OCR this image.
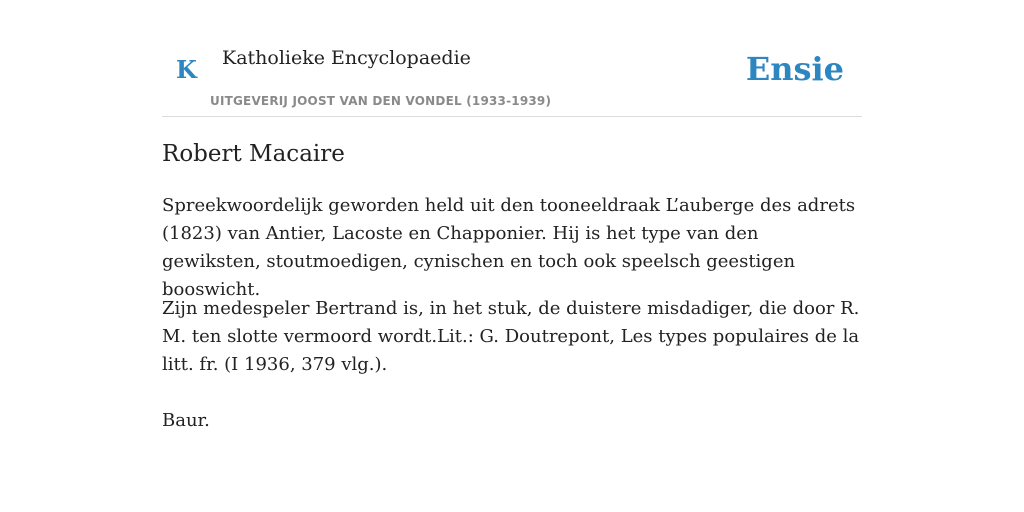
K Katholieke Encyclopaedie
UITGEVERIJ JOOST VAN DEN VONDEL (1933-1939)
Ensie
Robert Macaire

Spreekwoordelijk geworden held uit den tooneeldraak L’auberge des adrets (1823) van Antier, Lacoste en Chapponier. Hij is het type van den gewiksten, stoutmoedigen, cynischen en toch ook speelsch geestigen booswicht.

Zijn medespeler Bertrand is, in het stuk, de duistere misdadiger, die door R. M. ten slotte vermoord wordt.Lit.: G. Doutrepont, Les types populaires de la litt. fr. (I 1936, 379 vlg.).

Baur.
